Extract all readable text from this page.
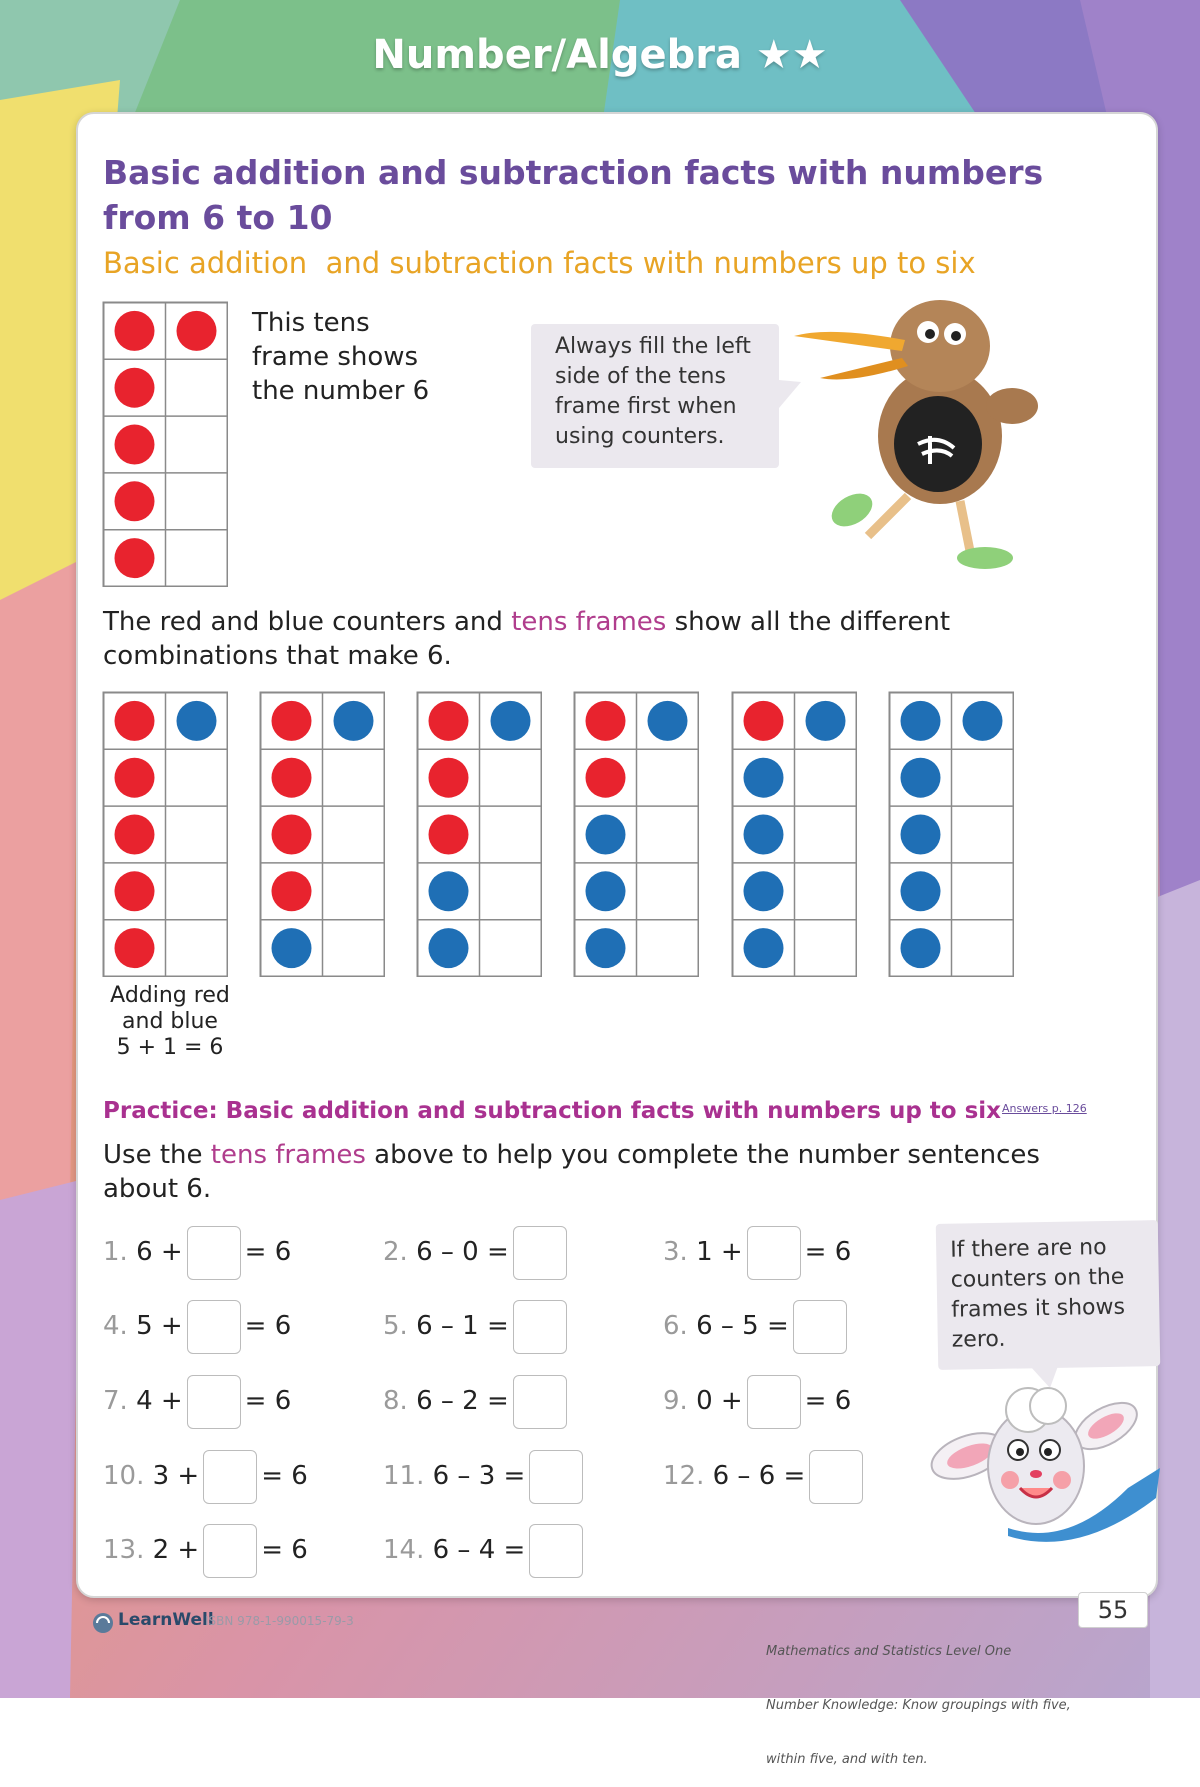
Number/Algebra ★★
Basic addition and subtraction facts with numbers from 6 to 10
Basic addition  and subtraction facts with numbers up to six
This tens
frame shows
the number 6
Always fill the left
side of the tens
frame first when
using counters.
The red and blue counters and tens frames show all the different
combinations that make 6.
Adding red
and blue
5 + 1 = 6
Practice: Basic addition and subtraction facts with numbers up to six Answers p. 126
Use the tens frames above to help you complete the number sentences
about 6.
1. 6 + = 6	2. 6 – 0 =	3. 1 + = 6
4. 5 + = 6	5. 6 – 1 =	6. 6 – 5 =
7. 4 + = 6	8. 6 – 2 =	9. 0 + = 6
10. 3 + = 6	11. 6 – 3 =	12. 6 – 6 =
13. 2 + = 6	14. 6 – 4 =
If there are no
counters on the
frames it shows
zero.
LearnWell
ISBN 978-1-990015-79-3

Mathematics and Statistics Level One

Number Knowledge: Know groupings with five,

within five, and with ten.

55
